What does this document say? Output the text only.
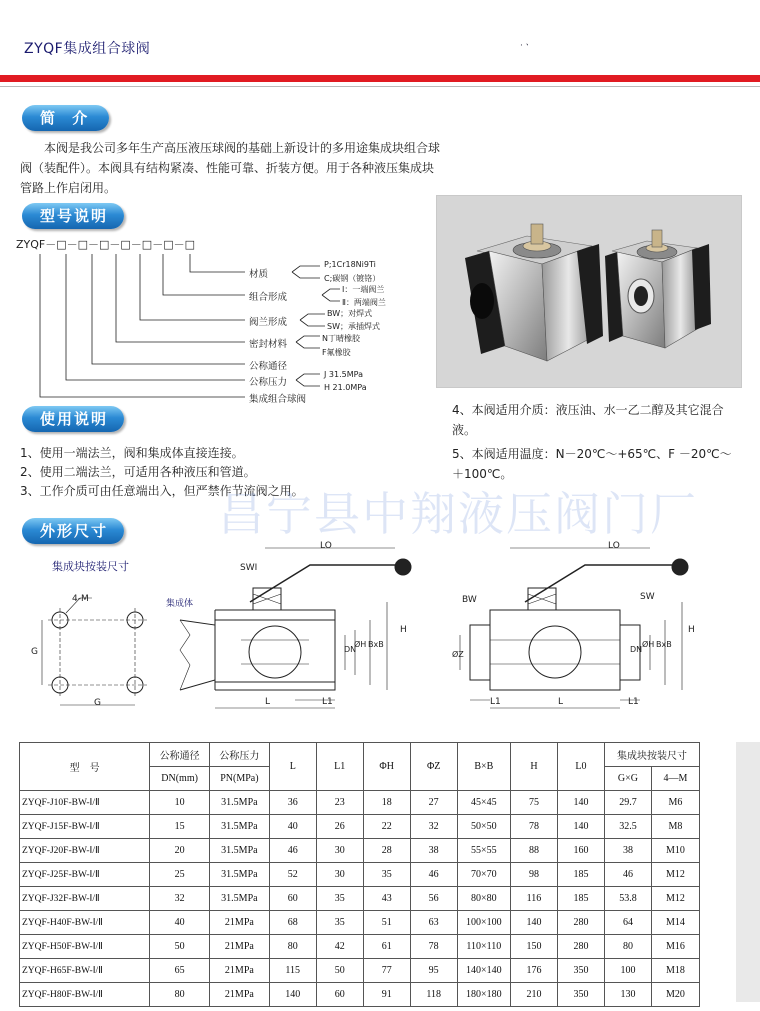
ZYQF集成组合球阀	·ㆍ
简 介
本阀是我公司多年生产高压液压球阀的基础上新设计的多用途集成块组合球阀（装配件）。本阀具有结构紧凑、性能可靠、折装方便。用于各种液压集成块管路上作启闭用。
型号说明
ZYQF－□－□－□－□－□－□－□
材质
组合形成
阀兰形成
密封材料
公称通径
公称压力
集成组合球阀
P;1Cr18Ni9Ti
C;碳钢（镀铬）
Ⅰ：一端阀兰
Ⅱ：两端阀兰
BW；对焊式
SW；承插焊式
N丁晴橡胶
F氟橡胶
J 31.5MPa
H 21.0MPa
使用说明
1、使用一端法兰，阀和集成体直接连接。
2、使用二端法兰，可适用各种液压和管道。
3、工作介质可由任意端出入，但严禁作节流阀之用。
4、本阀适用介质：液压油、水一乙二醇及其它混合液。
5、本阀适用温度：N－20℃～+65℃、F －20℃～＋100℃。
昌宁县中翔液压阀门厂
外形尺寸
集成块按装尺寸
4-M
G
G
SWI
集成体
LO
DN
ØH BxB
H
L	L1
BW	SW
LO
ØZ
DN
ØH BxB
H
L1	L	L1
型　号	公称通径	公称压力	L	L1	ΦH	ΦZ	B×B	H	L0	集成块按装尺寸	
	DN(mm)	PN(MPa)								G×G	4—M
ZYQF-J10F-BW-Ⅰ/Ⅱ	10	31.5MPa	36	23	18	27	45×45	75	140	29.7	M6
ZYQF-J15F-BW-Ⅰ/Ⅱ	15	31.5MPa	40	26	22	32	50×50	78	140	32.5	M8
ZYQF-J20F-BW-Ⅰ/Ⅱ	20	31.5MPa	46	30	28	38	55×55	88	160	38	M10
ZYQF-J25F-BW-Ⅰ/Ⅱ	25	31.5MPa	52	30	35	46	70×70	98	185	46	M12
ZYQF-J32F-BW-Ⅰ/Ⅱ	32	31.5MPa	60	35	43	56	80×80	116	185	53.8	M12
ZYQF-H40F-BW-Ⅰ/Ⅱ	40	21MPa	68	35	51	63	100×100	140	280	64	M14
ZYQF-H50F-BW-Ⅰ/Ⅱ	50	21MPa	80	42	61	78	110×110	150	280	80	M16
ZYQF-H65F-BW-Ⅰ/Ⅱ	65	21MPa	115	50	77	95	140×140	176	350	100	M18
ZYQF-H80F-BW-Ⅰ/Ⅱ	80	21MPa	140	60	91	118	180×180	210	350	130	M20
